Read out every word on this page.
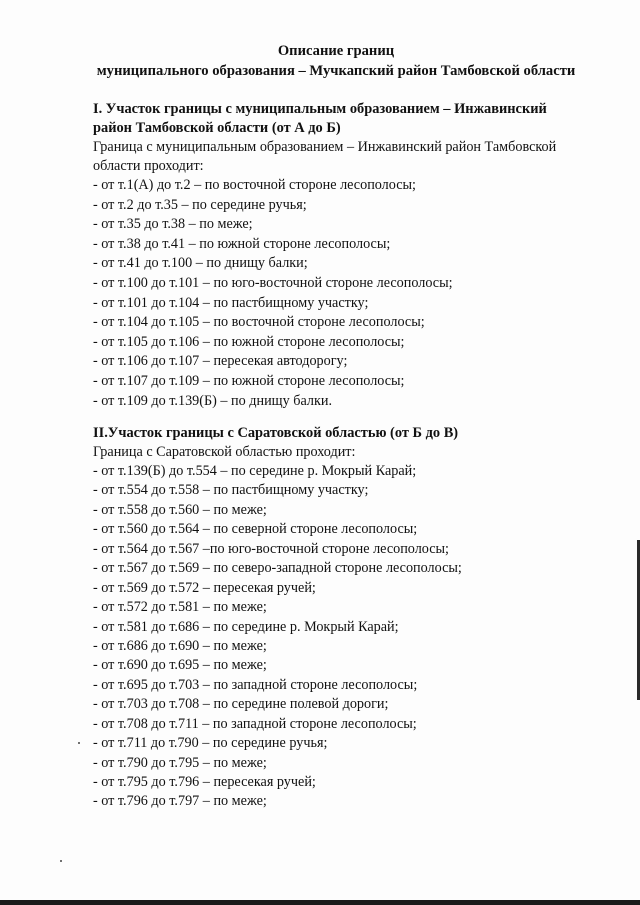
Описание границ
муниципального образования – Мучкапский район Тамбовской области

I. Участок границы с муниципальным образованием – Инжавинский

район Тамбовской области (от А до Б)

Граница с муниципальным образованием – Инжавинский район Тамбовской

области проходит:

- от т.1(А) до т.2 – по восточной стороне лесополосы;
- от т.2 до т.35 – по середине ручья;
- от т.35 до т.38 – по меже;
- от т.38 до т.41 – по южной стороне лесополосы;
- от т.41 до т.100 – по днищу балки;
- от т.100 до т.101 – по юго-восточной стороне лесополосы;
- от т.101 до т.104 – по пастбищному участку;
- от т.104 до т.105 – по восточной стороне лесополосы;
- от т.105 до т.106 – по южной стороне лесополосы;
- от т.106 до т.107 – пересекая автодорогу;
- от т.107 до т.109 – по южной стороне лесополосы;
- от т.109 до т.139(Б) – по днищу балки.

II.Участок границы с Саратовской областью (от Б до В)

Граница с Саратовской областью проходит:

- от т.139(Б) до т.554 – по середине р. Мокрый Карай;
- от т.554 до т.558 – по пастбищному участку;
- от т.558 до т.560 – по меже;
- от т.560 до т.564 – по северной стороне лесополосы;
- от т.564 до т.567 –по юго-восточной стороне лесополосы;
- от т.567 до т.569 – по северо-западной стороне лесополосы;
- от т.569 до т.572 – пересекая ручей;
- от т.572 до т.581 – по меже;
- от т.581 до т.686 – по середине р. Мокрый Карай;
- от т.686 до т.690 – по меже;
- от т.690 до т.695 – по меже;
- от т.695 до т.703 – по западной стороне лесополосы;
- от т.703 до т.708 – по середине полевой дороги;
- от т.708 до т.711 – по западной стороне лесополосы;
- от т.711 до т.790 – по середине ручья;
- от т.790 до т.795 – по меже;
- от т.795 до т.796 – пересекая ручей;
- от т.796 до т.797 – по меже;
